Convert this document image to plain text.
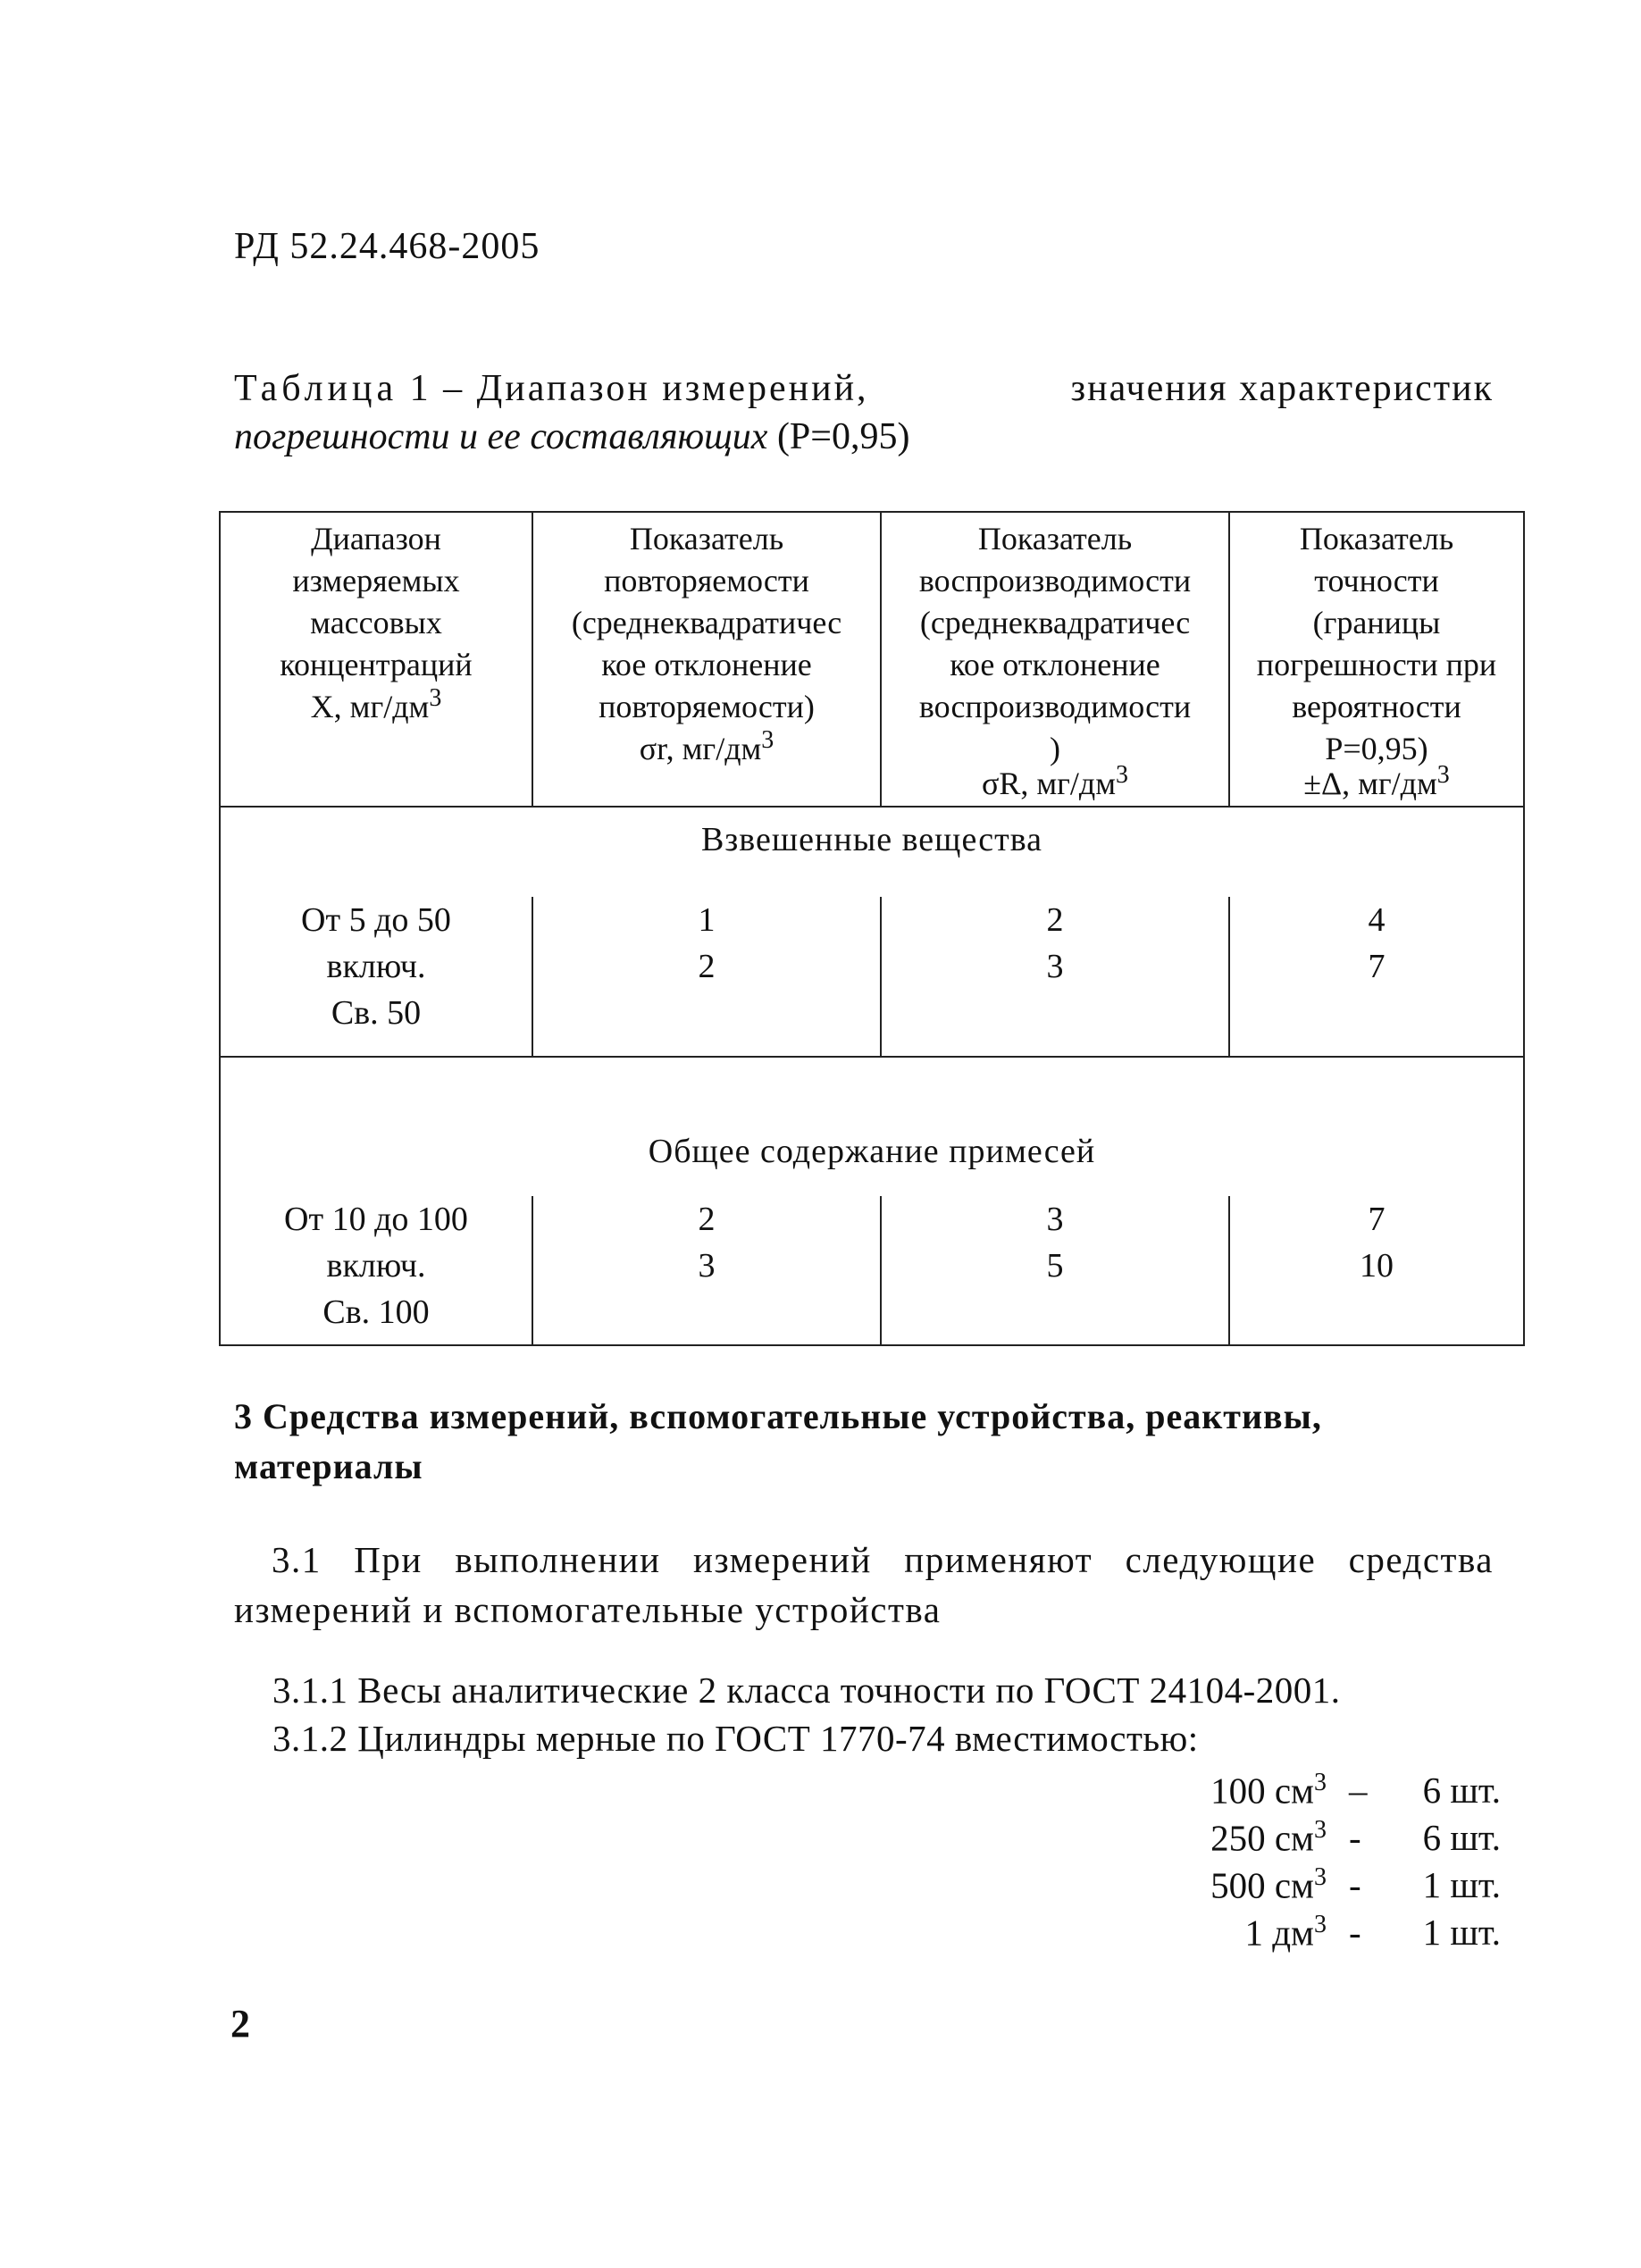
РД 52.24.468-2005
Таблица 1 – Диапазон измерений,	значения характеристик
погрешности и ее составляющих (Р=0,95)
Диапазон
измеряемых
массовых
концентраций
Х, $мг/дм^3$
Показатель
повторяемости
(среднеквадратичес
кое отклонение
повторяемости)
σr, $мг/дм^3$
Показатель
воспроизводимости
(среднеквадратичес
кое отклонение
воспроизводимости
)
σR, $мг/дм^3$
Показатель
точности
(границы
погрешности при
вероятности
Р=0,95)
±Δ, $мг/дм^3$
Взвешенные вещества
От 5 до 50
включ.
Св. 50
1
2
2
3
4
7
Общее содержание примесей
От 10 до 100
включ.
Св. 100
2
3
3
5
7
10
3 Средства измерений, вспомогательные устройства, реактивы, материалы
3.1 При выполнении измерений применяют следующие средства измерений и вспомогательные устройства
3.1.1 Весы аналитические 2 класса точности по ГОСТ 24104-2001.
3.1.2 Цилиндры мерные по ГОСТ 1770-74 вместимостью:
100 $см^3 - 6$ шт.
250 $см^3 - 6$ шт.
500 $см^3 - 1$ шт.
1 $дм^3 - 1$ шт.
2
